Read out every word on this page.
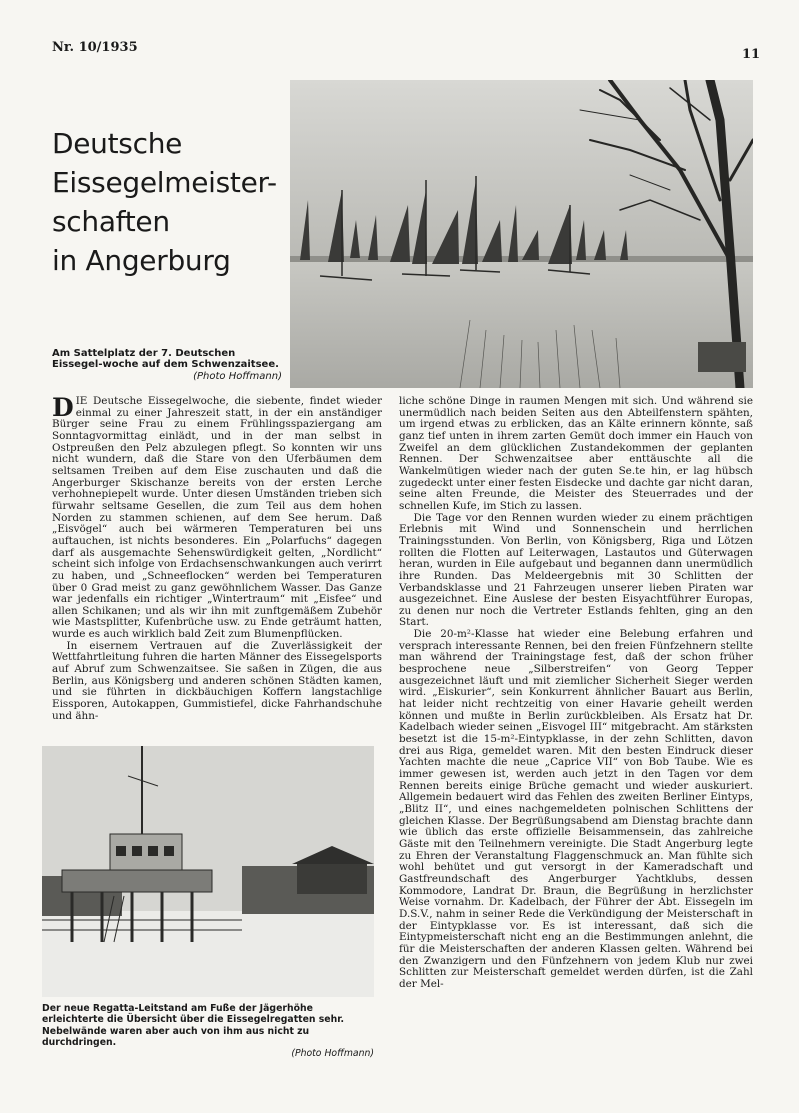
Nr. 10/1935	11
Deutsche
Eissegelmeister-
schaften
in Angerburg
Am Sattelplatz der 7. Deutschen Eissegel-woche auf dem Schwenzaitsee.
(Photo Hoffmann)

DIE Deutsche Eissegelwoche, die siebente, findet wieder einmal zu einer Jahreszeit statt, in der ein anständiger Bürger seine Frau zu einem Frühlingsspaziergang am Sonntagvormittag einlädt, und in der man selbst in Ostpreußen den Pelz abzulegen pflegt. So konnten wir uns nicht wundern, daß die Stare von den Uferbäumen dem seltsamen Treiben auf dem Eise zuschauten und daß die Angerburger Skischanze bereits von der ersten Lerche verhohnepiepelt wurde. Unter diesen Umständen trieben sich fürwahr seltsame Gesellen, die zum Teil aus dem hohen Norden zu stammen schienen, auf dem See herum. Daß „Eisvögel“ auch bei wärmeren Temperaturen bei uns auftauchen, ist nichts besonderes. Ein „Polarfuchs“ dagegen darf als ausgemachte Sehenswürdigkeit gelten, „Nordlicht“ scheint sich infolge von Erdachsenschwankungen auch verirrt zu haben, und „Schneeflocken“ werden bei Temperaturen über 0 Grad meist zu ganz gewöhnlichem Wasser. Das Ganze war jedenfalls ein richtiger „Wintertraum“ mit „Eisfee“ und allen Schikanen; und als wir ihn mit zunftgemäßem Zubehör wie Mastsplitter, Kufenbrüche usw. zu Ende geträumt hatten, wurde es auch wirklich bald Zeit zum Blumenpflücken.

In eisernem Vertrauen auf die Zuverlässigkeit der Wettfahrtleitung fuhren die harten Männer des Eissegelsports auf Abruf zum Schwenzaitsee. Sie saßen in Zügen, die aus Berlin, aus Königsberg und anderen schönen Städten kamen, und sie führten in dickbäuchigen Koffern langstachlige Eissporen, Autokappen, Gummistiefel, dicke Fahrhandschuhe und ähn-

Der neue Regatta-Leitstand am Fuße der Jägerhöhe erleichterte die Übersicht über die Eissegelregatten sehr. Nebelwände waren aber auch von ihm aus nicht zu durchdringen.
(Photo Hoffmann)

liche schöne Dinge in raumen Mengen mit sich. Und während sie unermüdlich nach beiden Seiten aus den Abteilfenstern spähten, um irgend etwas zu erblicken, das an Kälte erinnern könnte, saß ganz tief unten in ihrem zarten Gemüt doch immer ein Hauch von Zweifel an dem glücklichen Zustandekommen der geplanten Rennen. Der Schwenzaitsee aber enttäuschte all die Wankelmütigen wieder nach der guten Se.te hin, er lag hübsch zugedeckt unter einer festen Eisdecke und dachte gar nicht daran, seine alten Freunde, die Meister des Steuerrades und der schnellen Kufe, im Stich zu lassen.

Die Tage vor den Rennen wurden wieder zu einem prächtigen Erlebnis mit Wind und Sonnenschein und herrlichen Trainingsstunden. Von Berlin, von Königsberg, Riga und Lötzen rollten die Flotten auf Leiterwagen, Lastautos und Güterwagen heran, wurden in Eile aufgebaut und begannen dann unermüdlich ihre Runden. Das Meldeergebnis mit 30 Schlitten der Verbandsklasse und 21 Fahrzeugen unserer lieben Piraten war ausgezeichnet. Eine Auslese der besten Eisyachtführer Europas, zu denen nur noch die Vertreter Estlands fehlten, ging an den Start.

Die 20-m²-Klasse hat wieder eine Belebung erfahren und versprach interessante Rennen, bei den freien Fünfzehnern stellte man während der Trainingstage fest, daß der schon früher besprochene neue „Silberstreifen“ von Georg Tepper ausgezeichnet läuft und mit ziemlicher Sicherheit Sieger werden wird. „Eiskurier“, sein Konkurrent ähnlicher Bauart aus Berlin, hat leider nicht rechtzeitig von einer Havarie geheilt werden können und mußte in Berlin zurückbleiben. Als Ersatz hat Dr. Kadelbach wieder seinen „Eisvogel III“ mitgebracht. Am stärksten besetzt ist die 15-m²-Eintypklasse, in der zehn Schlitten, davon drei aus Riga, gemeldet waren. Mit den besten Eindruck dieser Yachten machte die neue „Caprice VII“ von Bob Taube. Wie es immer gewesen ist, werden auch jetzt in den Tagen vor dem Rennen bereits einige Brüche gemacht und wieder auskuriert. Allgemein bedauert wird das Fehlen des zweiten Berliner Eintyps, „Blitz II“, und eines nachgemeldeten polnischen Schlittens der gleichen Klasse. Der Begrüßungsabend am Dienstag brachte dann wie üblich das erste offizielle Beisammensein, das zahlreiche Gäste mit den Teilnehmern vereinigte. Die Stadt Angerburg legte zu Ehren der Veranstaltung Flaggenschmuck an. Man fühlte sich wohl behütet und gut versorgt in der Kameradschaft und Gastfreundschaft des Angerburger Yachtklubs, dessen Kommodore, Landrat Dr. Braun, die Begrüßung in herzlichster Weise vornahm. Dr. Kadelbach, der Führer der Abt. Eissegeln im D.S.V., nahm in seiner Rede die Verkündigung der Meisterschaft in der Eintypklasse vor. Es ist interessant, daß sich die Eintypmeisterschaft nicht eng an die Bestimmungen anlehnt, die für die Meisterschaften der anderen Klassen gelten. Während bei den Zwanzigern und den Fünfzehnern von jedem Klub nur zwei Schlitten zur Meisterschaft gemeldet werden dürfen, ist die Zahl der Mel-
